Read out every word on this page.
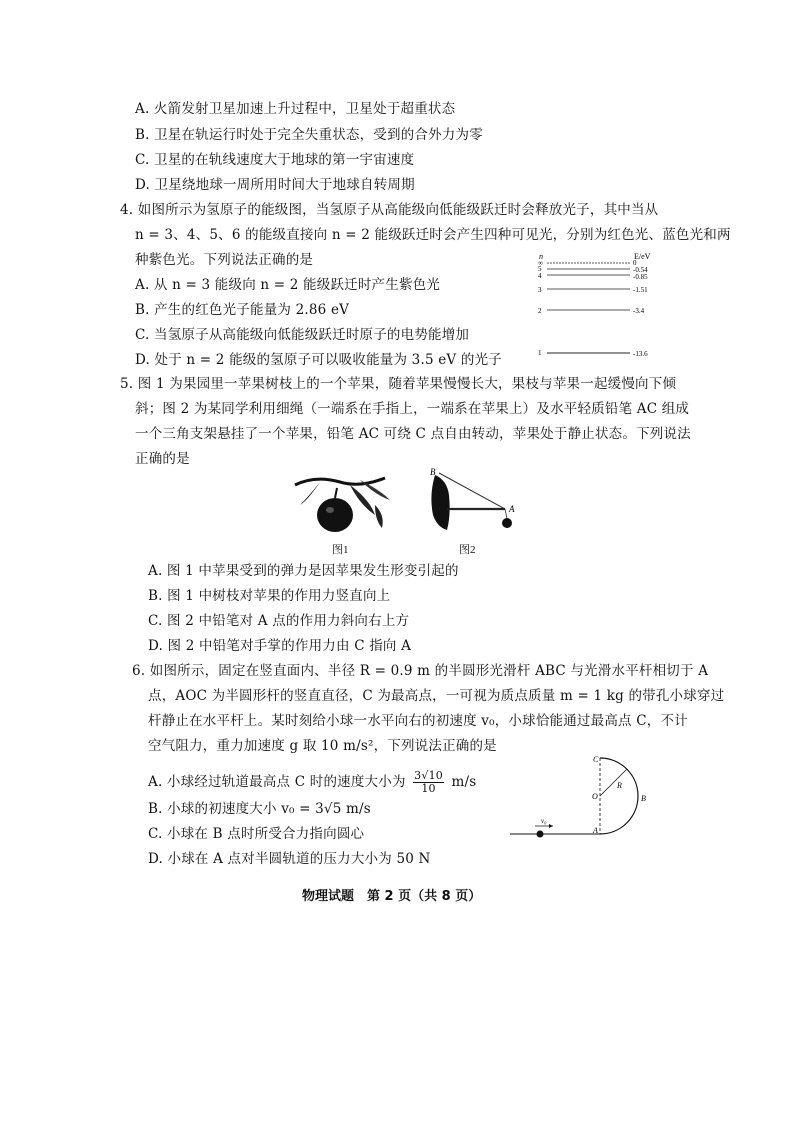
A. 火箭发射卫星加速上升过程中，卫星处于超重状态
B. 卫星在轨运行时处于完全失重状态，受到的合外力为零
C. 卫星的在轨线速度大于地球的第一宇宙速度
D. 卫星绕地球一周所用时间大于地球自转周期
4. 如图所示为氢原子的能级图，当氢原子从高能级向低能级跃迁时会释放光子，其中当从
n = 3、4、5、6 的能级直接向 n = 2 能级跃迁时会产生四种可见光，分别为红色光、蓝色光和两
种紫色光。下列说法正确的是
A. 从 n = 3 能级向 n = 2 能级跃迁时产生紫色光
B. 产生的红色光子能量为 2.86 eV
C. 当氢原子从高能级向低能级跃迁时原子的电势能增加
D. 处于 n = 2 能级的氢原子可以吸收能量为 3.5 eV 的光子
n	E/eV
∞	0
5	-0.54
4	-0.85
3	-1.51
2	-3.4
1	-13.6
5. 图 1 为果园里一苹果树枝上的一个苹果，随着苹果慢慢长大，果枝与苹果一起缓慢向下倾
斜；图 2 为某同学利用细绳（一端系在手指上，一端系在苹果上）及水平轻质铅笔 AC 组成
一个三角支架悬挂了一个苹果，铅笔 AC 可绕 C 点自由转动，苹果处于静止状态。下列说法
正确的是
图1
B
A
图2
A. 图 1 中苹果受到的弹力是因苹果发生形变引起的
B. 图 1 中树枝对苹果的作用力竖直向上
C. 图 2 中铅笔对 A 点的作用力斜向右上方
D. 图 2 中铅笔对手掌的作用力由 C 指向 A
6. 如图所示，固定在竖直面内、半径 R = 0.9 m 的半圆形光滑杆 ABC 与光滑水平杆相切于 A
点，AOC 为半圆形杆的竖直直径，C 为最高点，一可视为质点质量 m = 1 kg 的带孔小球穿过
杆静止在水平杆上。某时刻给小球一水平向右的初速度 v₀，小球恰能通过最高点 C，不计
空气阻力，重力加速度 g 取 10 m/s²，下列说法正确的是
A. 小球经过轨道最高点 C 时的速度大小为 $\frac{3√10}{10} m/s$
B. 小球的初速度大小 v₀ = 3√5 m/s
C. 小球在 B 点时所受合力指向圆心
D. 小球在 A 点对半圆轨道的压力大小为 50 N
v₀
C
O
R
B
A
物理试题　第 2 页（共 8 页）
